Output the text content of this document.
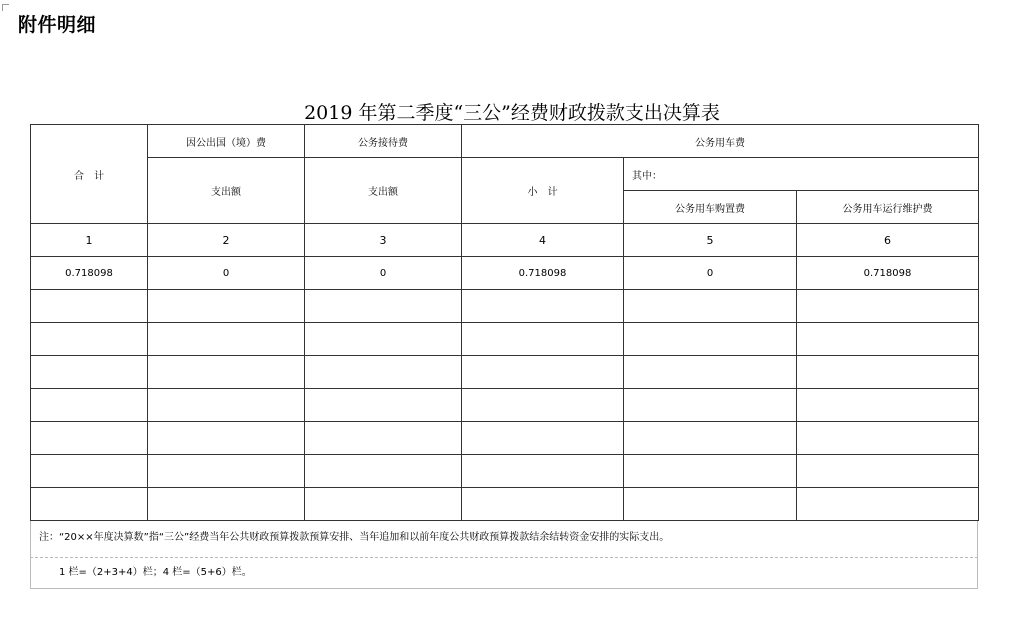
附件明细
2019 年第二季度“三公”经费财政拨款支出决算表
合　计	因公出国（境）费	公务接待费	公务用车费		
	支出额	支出额	小　计	其中：	
				公务用车购置费	公务用车运行维护费
1	2	3	4	5	6
0.718098	0	0	0.718098	0	0.718098

注：“20××年度决算数”指“三公”经费当年公共财政预算拨款预算安排、当年追加和以前年度公共财政预算拨款结余结转资金安排的实际支出。
1 栏=（2+3+4）栏；4 栏=（5+6）栏。
